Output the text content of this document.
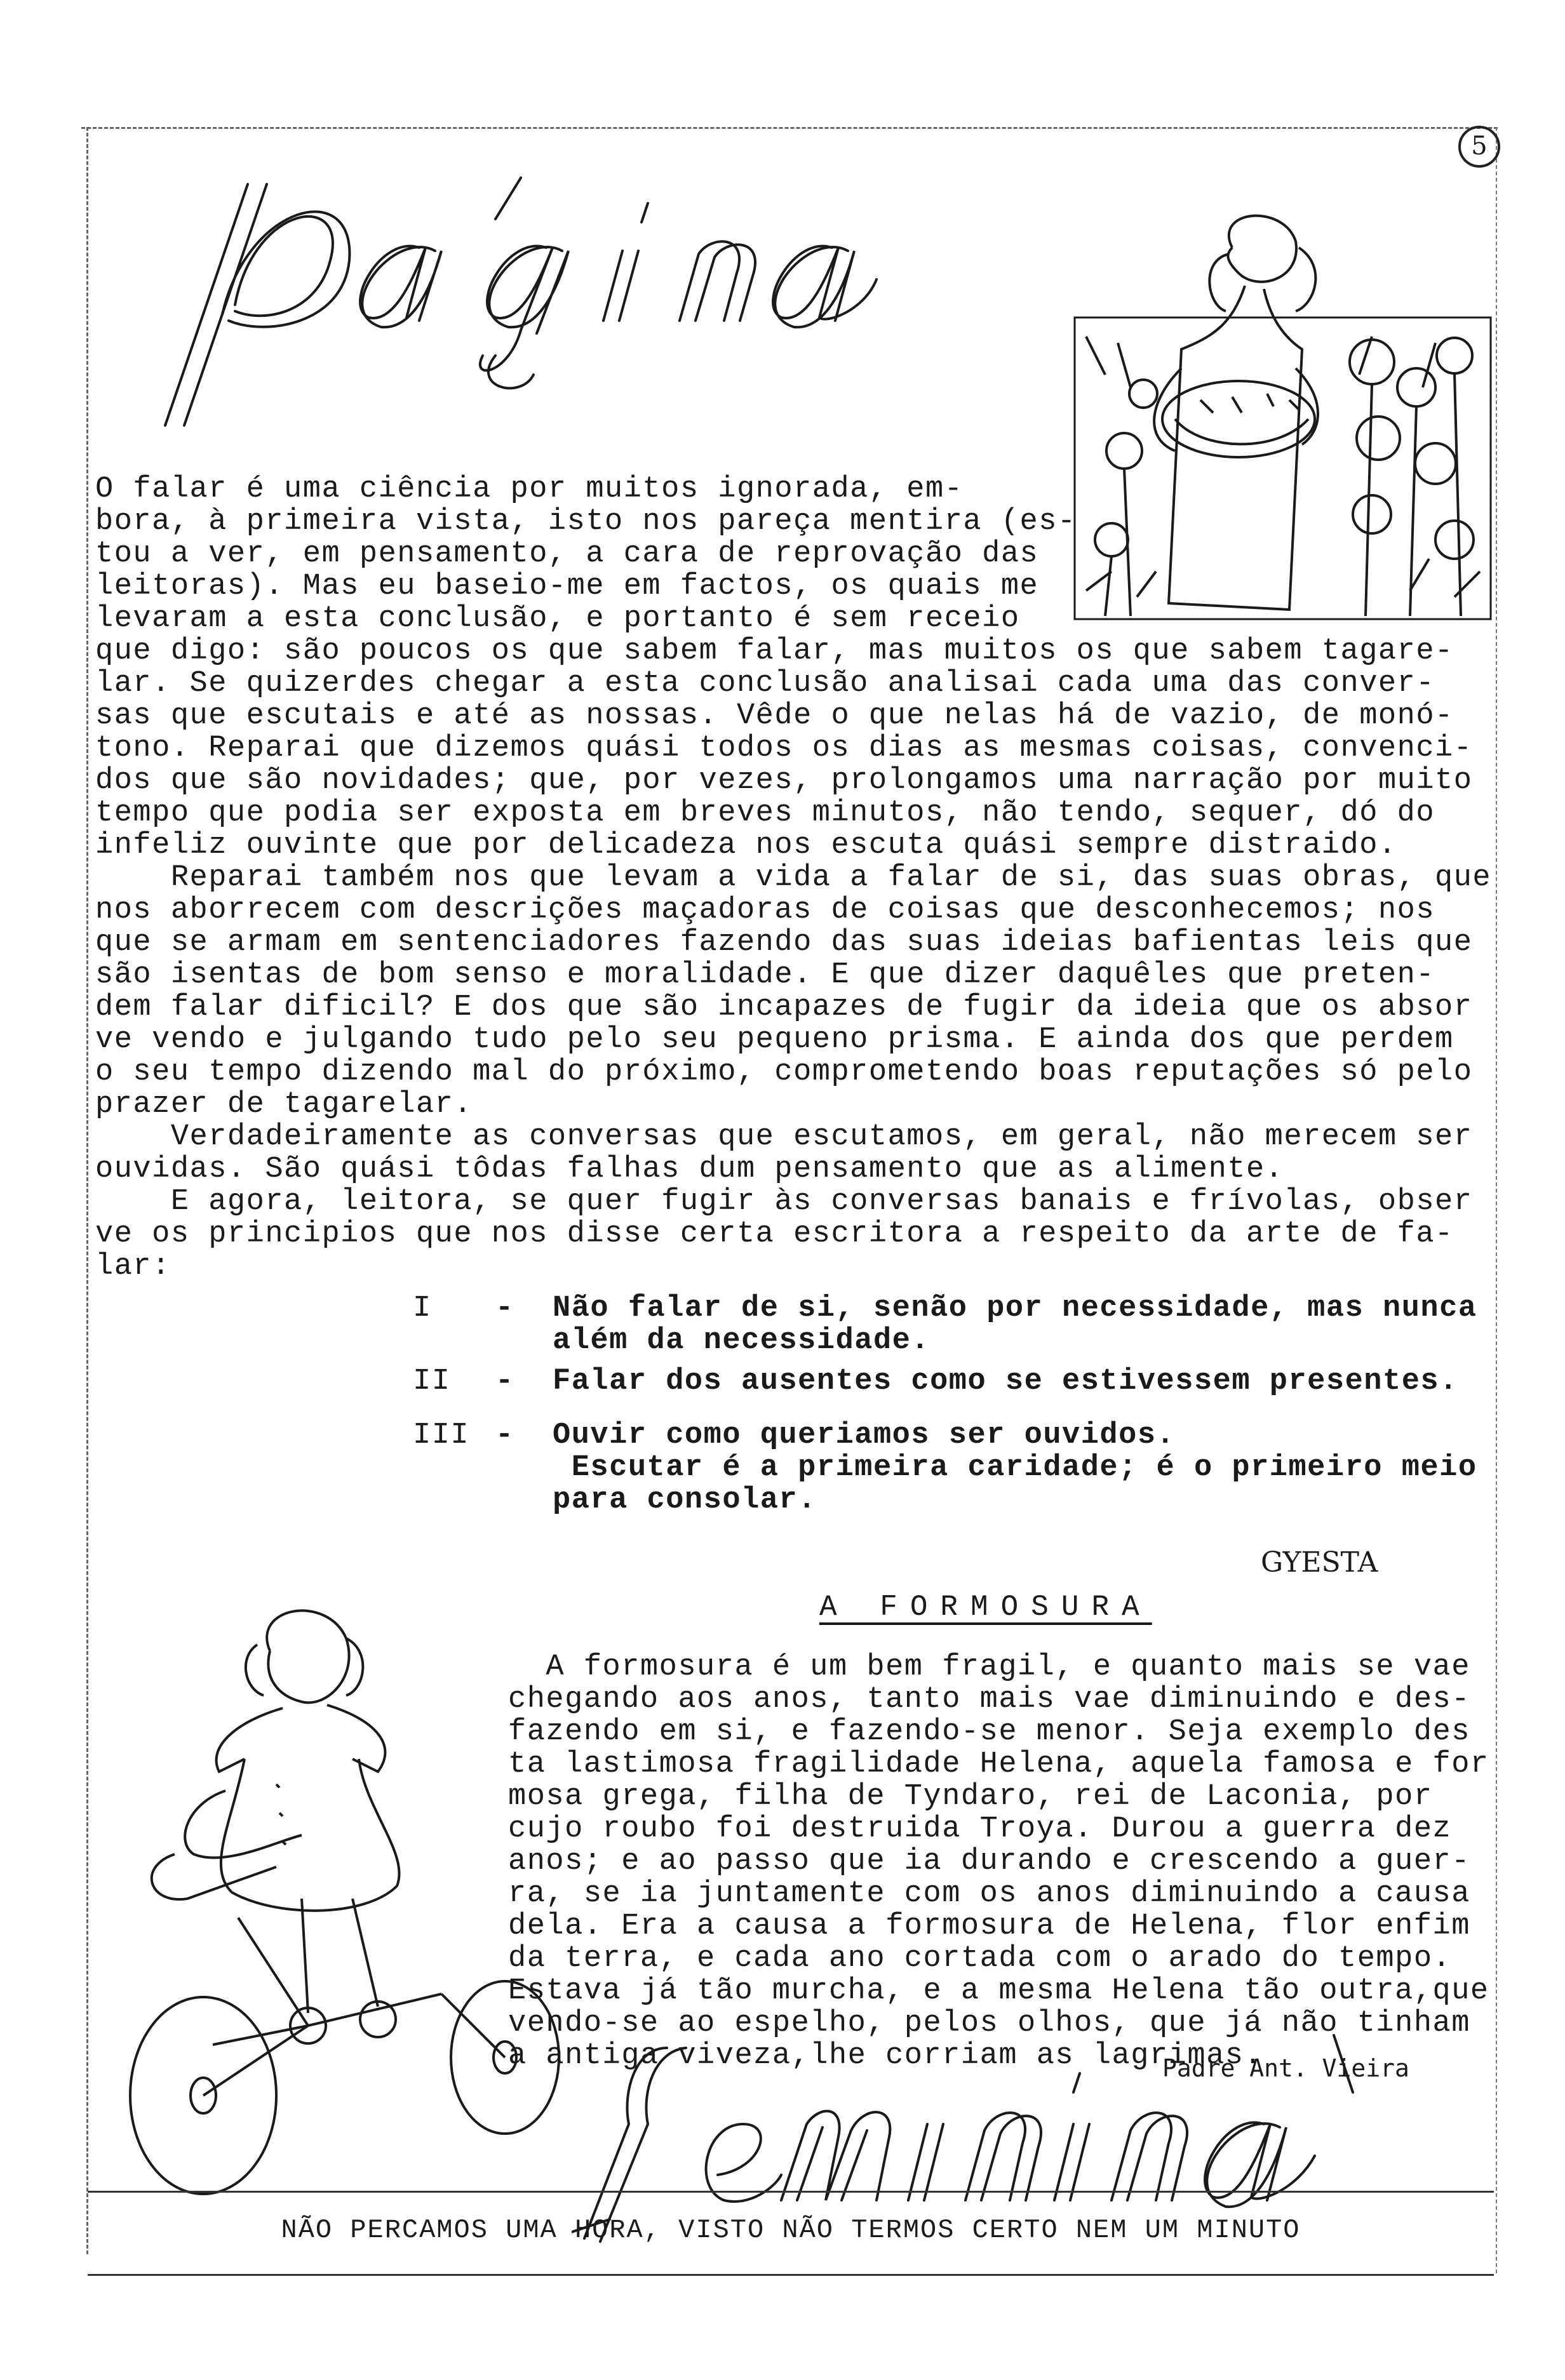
5
O falar é uma ciência por muitos ignorada, em-
bora, à primeira vista, isto nos pareça mentira (es-
tou a ver, em pensamento, a cara de reprovação das
leitoras). Mas eu baseio-me em factos, os quais me
levaram a esta conclusão, e portanto é sem receio
que digo: são poucos os que sabem falar, mas muitos os que sabem tagare-
lar. Se quizerdes chegar a esta conclusão analisai cada uma das conver-
sas que escutais e até as nossas. Vêde o que nelas há de vazio, de monó-
tono. Reparai que dizemos quási todos os dias as mesmas coisas, convenci-
dos que são novidades; que, por vezes, prolongamos uma narração por muito
tempo que podia ser exposta em breves minutos, não tendo, sequer, dó do
infeliz ouvinte que por delicadeza nos escuta quási sempre distraido.
Reparai também nos que levam a vida a falar de si, das suas obras, que
nos aborrecem com descrições maçadoras de coisas que desconhecemos; nos
que se armam em sentenciadores fazendo das suas ideias bafientas leis que
são isentas de bom senso e moralidade. E que dizer daquêles que preten-
dem falar dificil? E dos que são incapazes de fugir da ideia que os absor
ve vendo e julgando tudo pelo seu pequeno prisma. E ainda dos que perdem
o seu tempo dizendo mal do próximo, comprometendo boas reputações só pelo
prazer de tagarelar.
Verdadeiramente as conversas que escutamos, em geral, não merecem ser
ouvidas. São quási tôdas falhas dum pensamento que as alimente.
E agora, leitora, se quer fugir às conversas banais e frívolas, obser
ve os principios que nos disse certa escritora a respeito da arte de fa-
lar:
I - Não falar de si, senão por necessidade, mas nunca
além da necessidade.
II - Falar dos ausentes como se estivessem presentes.
III - Ouvir como queriamos ser ouvidos.
Escutar é a primeira caridade; é o primeiro meio
para consolar.
GYESTA
A FORMOSURA
A formosura é um bem fragil, e quanto mais se vae
chegando aos anos, tanto mais vae diminuindo e des-
fazendo em si, e fazendo-se menor. Seja exemplo des
ta lastimosa fragilidade Helena, aquela famosa e for
mosa grega, filha de Tyndaro, rei de Laconia, por
cujo roubo foi destruida Troya. Durou a guerra dez
anos; e ao passo que ia durando e crescendo a guer-
ra, se ia juntamente com os anos diminuindo a causa
dela. Era a causa a formosura de Helena, flor enfim
da terra, e cada ano cortada com o arado do tempo.
Estava já tão murcha, e a mesma Helena tão outra,que
vendo-se ao espelho, pelos olhos, que já não tinham
a antiga viveza,lhe corriam as lagrimas.
Padre Ant. Vieira
NÃO PERCAMOS UMA HORA, VISTO NÃO TERMOS CERTO NEM UM MINUTO
